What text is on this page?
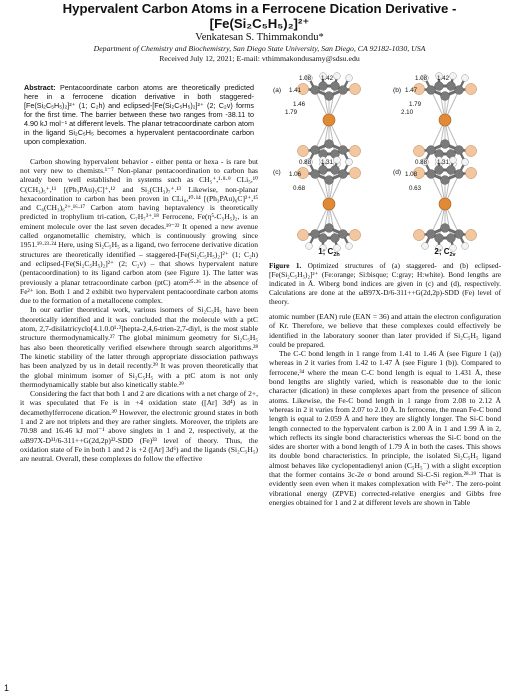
Hypervalent Carbon Atoms in a Ferrocene Dication Derivative -
[Fe(Si₂C₅H₅)₂]²⁺
Venkatesan S. Thimmakondu*
Department of Chemistry and Biochemistry, San Diego State University, San Diego, CA 92182-1030, USA
Received July 12, 2021; E-mail: vthimmakondusamy@sdsu.edu
Abstract: Pentacoordinate carbon atoms are theoretically predicted here in a ferrocene dication derivative in both staggered-[Fe(Si₂C₅H₅)₂]²⁺ (1; C₂h) and eclipsed-[Fe(Si₂C₅H₅)₂]²⁺ (2; C₂v) forms for the first time. The barrier between these two ranges from -38.11 to 4.90 kJ mol⁻¹ at different levels. The planar tetracoordinate carbon atom in the ligand Si₂C₅H₅ becomes a hypervalent pentacoordinate carbon upon complexation.

Carbon showing hypervalent behavior - either penta or hexa - is rare but not very new to chemists.¹⁻⁷ Non-planar pentacoordination to carbon has already been well established in systems such as CH₅⁺,¹·⁸·⁹ CLi₅,¹⁰ C(CH₃)₅⁺,¹¹ [(Ph₃PAu)₅C]⁺,¹² and Si₂(CH₃)₇⁺.¹³ Likewise, non-planar hexacoordination to carbon has been proven in CLi₆,¹⁰·¹⁴ [(Ph₃PAu)₆C]²⁺,¹⁵ and C₆(CH₃)₆²⁺.¹⁶·¹⁷ Carbon atom having heptavalency is theoretically predicted in trophylium tri-cation, C₇H₇³⁺.¹⁸ Ferrocene, Fe(η⁵-C₅H₅)₂, is an eminent molecule over the last seven decades.¹⁹⁻²² It opened a new avenue called organometallic chemistry, which is continuously growing since 1951.¹⁹·²³·²⁴ Here, using Si₂C₅H₅ as a ligand, two ferrocene derivative dication structures are theoretically identified – staggered-[Fe(Si₂C₅H₅)₂]²⁺ (1; C₂h) and eclipsed-[Fe(Si₂C₅H₅)₂]²⁺ (2; C₂v) – that shows hypervalent nature (pentacoordination) to its ligand carbon atom (see Figure 1). The latter was previously a planar tetracoordinate carbon (ptC) atom²⁵·²⁶ in the absence of Fe²⁺ ion. Both 1 and 2 exhibit two hypervalent pentacoordinate carbon atoms due to the formation of a metallocene complex.

In our earlier theoretical work, various isomers of Si₂C₅H₅ have been theoretically identified and it was concluded that the molecule with a ptC atom, 2,7-disilatricyclo[4.1.0.0¹·³]hepta-2,4,6-trien-2,7-diyl, is the most stable structure thermodynamically.²⁷ The global minimum geometry for Si₂C₅H₅ has also been theoretically verified elsewhere through search algorithms.²⁸ The kinetic stability of the latter through appropriate dissociation pathways has been analyzed by us in detail recently.²⁹ It was proven theoretically that the global minimum isomer of Si₂C₅H₅ with a ptC atom is not only thermodynamically stable but also kinetically stable.²⁹

Considering the fact that both 1 and 2 are dications with a net charge of 2+, it was speculated that Fe is in +4 oxidation state ([Ar] 3d⁴) as in decamethylferrocene dication.³⁰ However, the electronic ground states in both 1 and 2 are not triplets and they are rather singlets. Moreover, the triplets are 70.98 and 16.46 kJ mol⁻¹ above singlets in 1 and 2, respectively, at the ωB97X-D³¹/6-311++G(2d,2p)³²-SDD (Fe)³³ level of theory. Thus, the oxidation state of Fe in both 1 and 2 is +2 ([Ar] 3d⁶) and the ligands (Si₂C₅H₅) are neutral. Overall, these complexes do follow the effective

(a)	(b)
(c)	(d)
1.08 1.42
1.41
1.46
1.79
1.08 1.42
1.47
1.79
2.10
0.88 1.31
1.06
0.68
0.88 1.31
1.08
0.63
1; $C_{2h}$	2; $C_{2v}$
Figure 1. Optimized structures of (a) staggered- and (b) eclipsed-[Fe(Si₂C₅H₅)₂]²⁺ (Fe:orange; Si:bisque; C:gray; H:white). Bond lengths are indicated in Å. Wiberg bond indices are given in (c) and (d), respectively. Calculations are done at the ωB97X-D/6-311++G(2d,2p)-SDD (Fe) level of theory.

atomic number (EAN) rule (EAN = 36) and attain the electron configuration of Kr. Therefore, we believe that these complexes could effectively be identified in the laboratory sooner than later provided if Si₂C₅H₅ ligand could be prepared.

The C-C bond length in 1 range from 1.41 to 1.46 Å (see Figure 1 (a)) whereas in 2 it varies from 1.42 to 1.47 Å (see Figure 1 (b)). Compared to ferrocene,³⁴ where the mean C-C bond length is equal to 1.431 Å, these bond lengths are slightly varied, which is reasonable due to the ionic character (dication) in these complexes apart from the presence of silicon atoms. Likewise, the Fe-C bond length in 1 range from 2.08 to 2.12 Å whereas in 2 it varies from 2.07 to 2.10 Å. In ferrocene, the mean Fe-C bond length is equal to 2.059 Å and here they are slightly longer. The Si-C bond length connected to the hypervalent carbon is 2.00 Å in 1 and 1.99 Å in 2, which reflects its single bond characteristics whereas the Si-C bond on the sides are shorter with a bond length of 1.79 Å in both the cases. This shows its double bond characteristics. In principle, the isolated Si₂C₅H₅ ligand almost behaves like cyclopentadienyl anion (C₅H₅⁻) with a slight exception that the former contains 3c-2e σ bond around Si-C-Si region.²⁸·²⁹ That is evidently seen even when it makes complexation with Fe²⁺. The zero-point vibrational energy (ZPVE) corrected-relative energies and Gibbs free energies obtained for 1 and 2 at different levels are shown in Table

1
